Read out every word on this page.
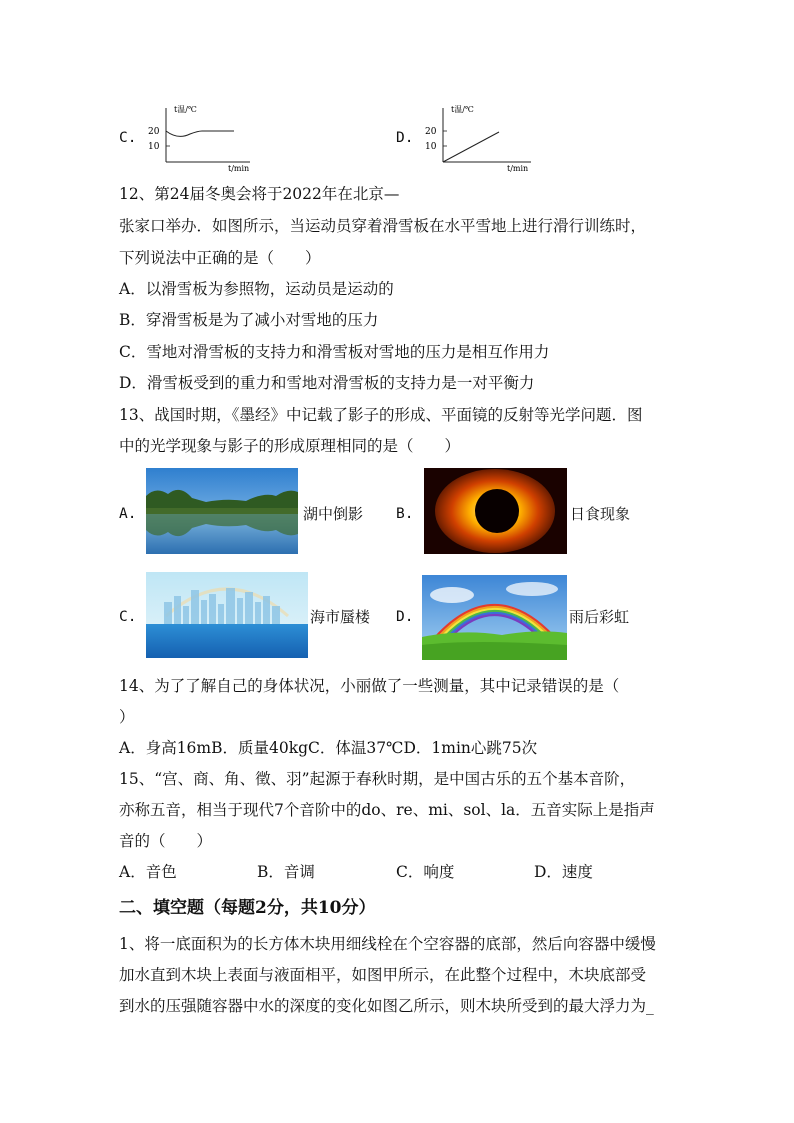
C.
t温/℃
20
10
t/min
D.
t温/℃
20
10
t/min
12、第24届冬奥会将于2022年在北京—
张家口举办．如图所示，当运动员穿着滑雪板在水平雪地上进行滑行训练时，
下列说法中正确的是（　　）
A．以滑雪板为参照物，运动员是运动的
B．穿滑雪板是为了减小对雪地的压力
C．雪地对滑雪板的支持力和滑雪板对雪地的压力是相互作用力
D．滑雪板受到的重力和雪地对滑雪板的支持力是一对平衡力
13、战国时期，《墨经》中记载了影子的形成、平面镜的反射等光学问题．图
中的光学现象与影子的形成原理相同的是（　　）
A.	湖中倒影 B.	日食现象
C.	海市蜃楼 D.	雨后彩虹
14、为了了解自己的身体状况，小丽做了一些测量，其中记录错误的是（
）
A．身高16mB．质量40kgC．体温37℃D．1min心跳75次
15、“宫、商、角、徵、羽”起源于春秋时期，是中国古乐的五个基本音阶，
亦称五音，相当于现代7个音阶中的do、re、mi、sol、la．五音实际上是指声
音的（　　）
A．音色	B．音调	C．响度	D．速度
二、填空题（每题2分，共10分）
1、将一底面积为的长方体木块用细线栓在个空容器的底部，然后向容器中缓慢
加水直到木块上表面与液面相平，如图甲所示，在此整个过程中，木块底部受
到水的压强随容器中水的深度的变化如图乙所示，则木块所受到的最大浮力为_
